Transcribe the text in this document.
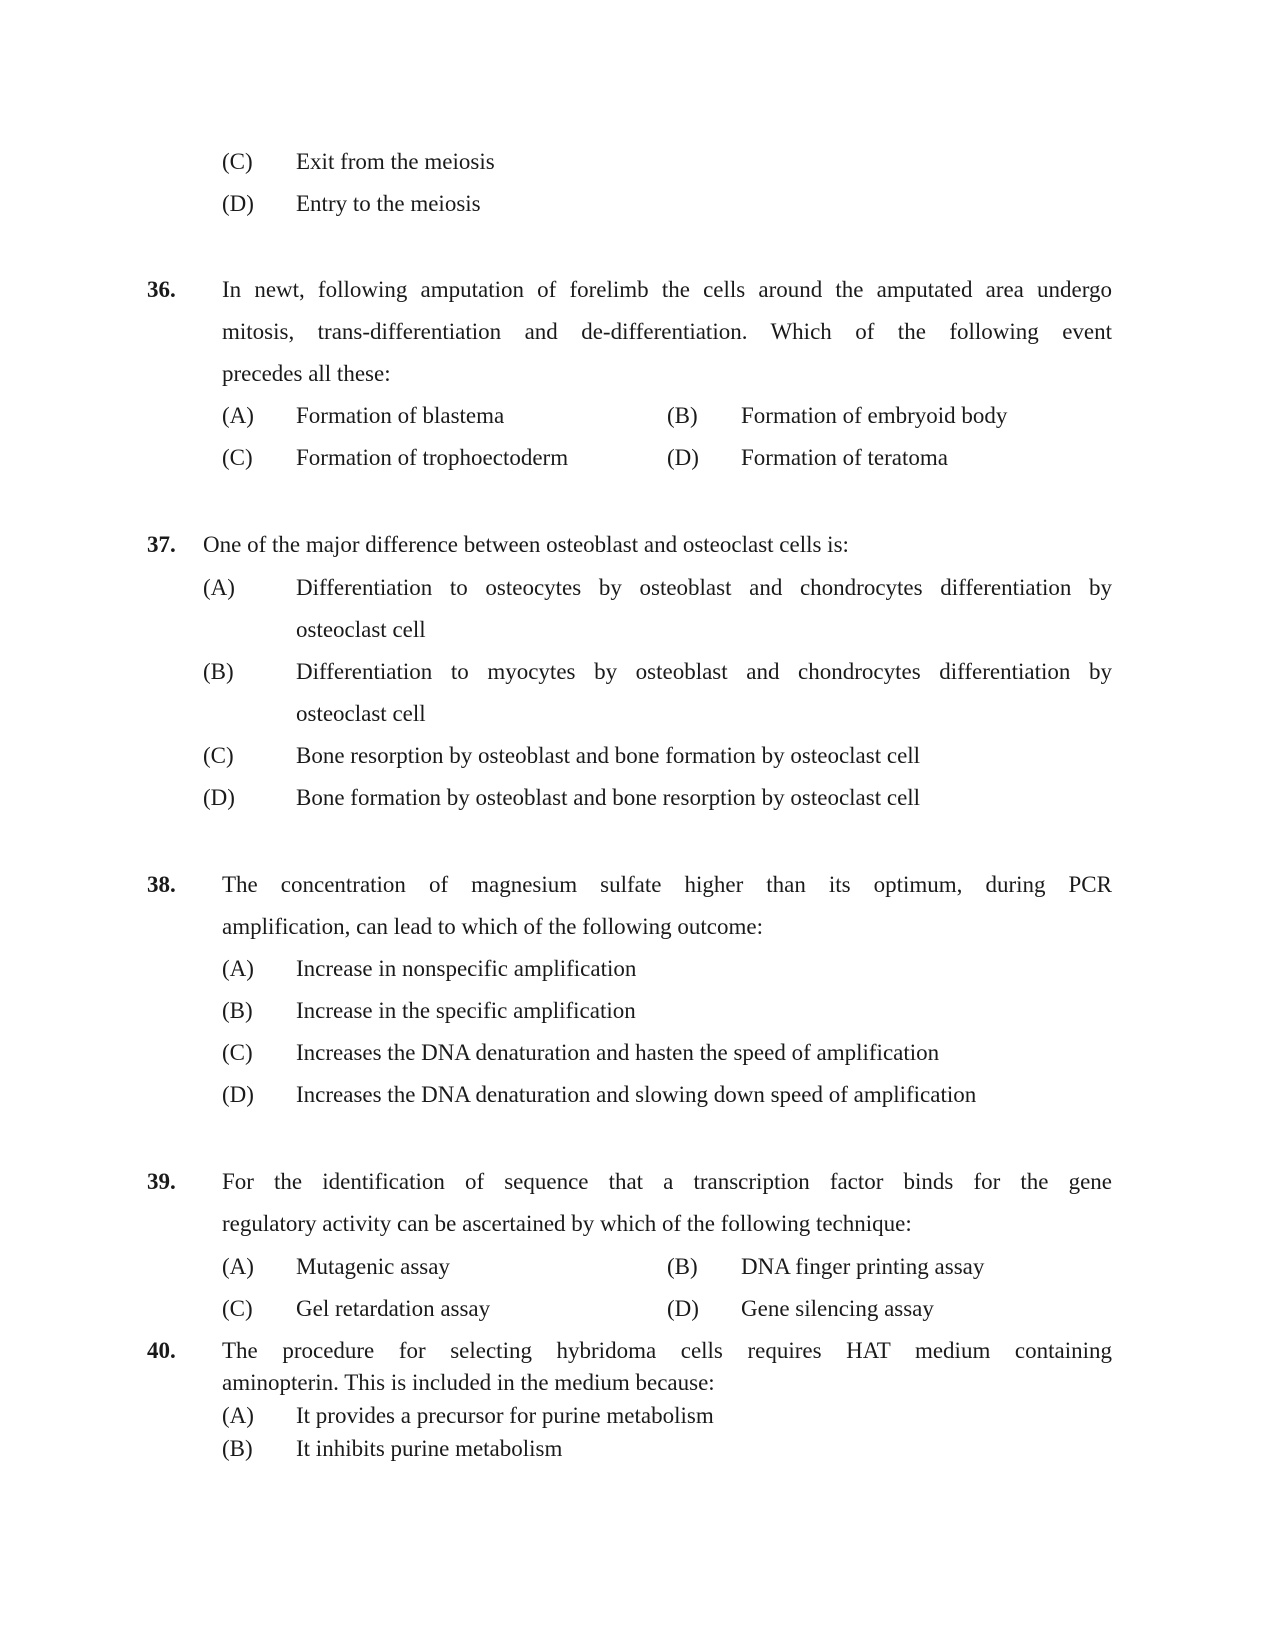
(C) Exit from the meiosis
(D) Entry to the meiosis
36. In newt, following amputation of forelimb the cells around the amputated area undergo
mitosis, trans-differentiation and de-differentiation. Which of the following event
precedes all these:
(A) Formation of blastema	(B) Formation of embryoid body
(C) Formation of trophoectoderm	(D) Formation of teratoma
37. One of the major difference between osteoblast and osteoclast cells is:
(A)	Differentiation to osteocytes by osteoblast and chondrocytes differentiation by
osteoclast cell
(B)	Differentiation to myocytes by osteoblast and chondrocytes differentiation by
osteoclast cell
(C)	Bone resorption by osteoblast and bone formation by osteoclast cell
(D)	Bone formation by osteoblast and bone resorption by osteoclast cell
38. The concentration of magnesium sulfate higher than its optimum, during PCR
amplification, can lead to which of the following outcome:
(A) Increase in nonspecific amplification
(B) Increase in the specific amplification
(C) Increases the DNA denaturation and hasten the speed of amplification
(D) Increases the DNA denaturation and slowing down speed of amplification
39. For the identification of sequence that a transcription factor binds for the gene
regulatory activity can be ascertained by which of the following technique:
(A) Mutagenic assay	(B) DNA finger printing assay
(C) Gel retardation assay	(D) Gene silencing assay
40. The procedure for selecting hybridoma cells requires HAT medium containing
aminopterin. This is included in the medium because:
(A) It provides a precursor for purine metabolism
(B) It inhibits purine metabolism
